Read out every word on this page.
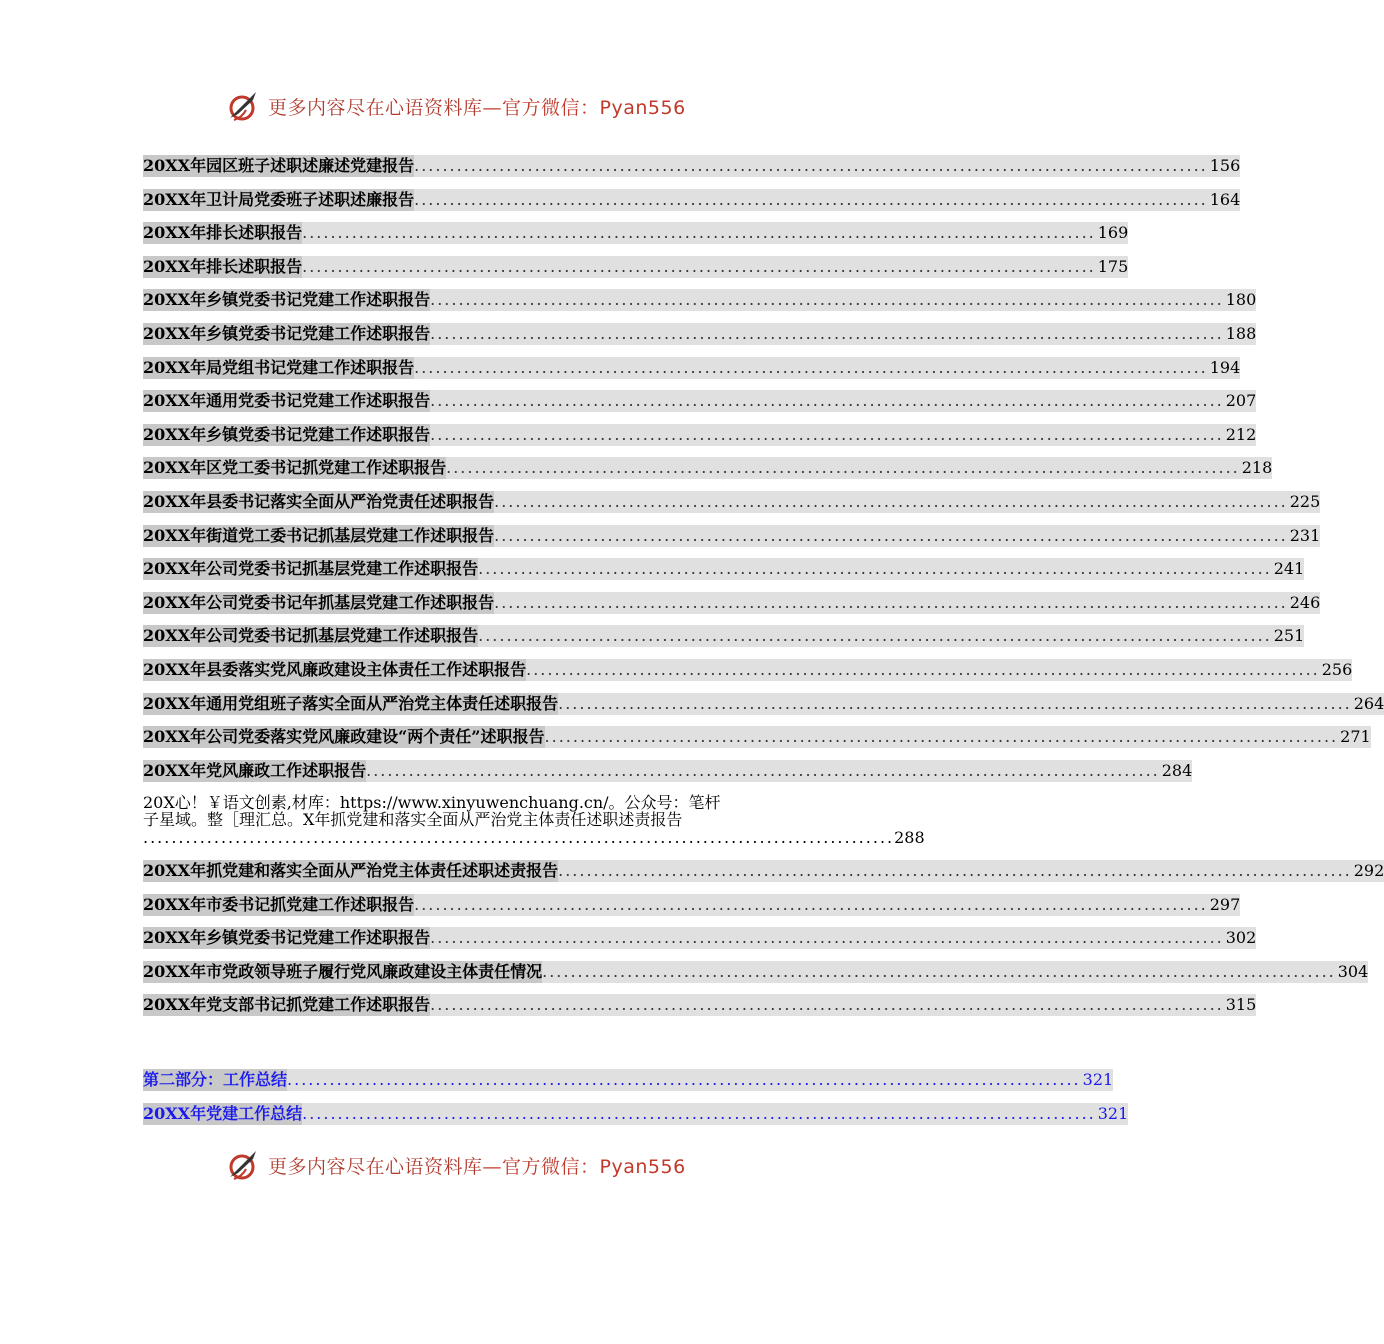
更多内容尽在心语资料库—官方微信：Pyan556
20XX年园区班子述职述廉述党建报告 ................................................................................................................ 156
20XX年卫计局党委班子述职述廉报告 ................................................................................................................ 164
20XX年排长述职报告 ................................................................................................................ 169
20XX年排长述职报告 ................................................................................................................ 175
20XX年乡镇党委书记党建工作述职报告 ................................................................................................................ 180
20XX年乡镇党委书记党建工作述职报告 ................................................................................................................ 188
20XX年局党组书记党建工作述职报告 ................................................................................................................ 194
20XX年通用党委书记党建工作述职报告 ................................................................................................................ 207
20XX年乡镇党委书记党建工作述职报告 ................................................................................................................ 212
20XX年区党工委书记抓党建工作述职报告 ................................................................................................................ 218
20XX年县委书记落实全面从严治党责任述职报告 ................................................................................................................ 225
20XX年街道党工委书记抓基层党建工作述职报告 ................................................................................................................ 231
20XX年公司党委书记抓基层党建工作述职报告 ................................................................................................................ 241
20XX年公司党委书记年抓基层党建工作述职报告 ................................................................................................................ 246
20XX年公司党委书记抓基层党建工作述职报告 ................................................................................................................ 251
20XX年县委落实党风廉政建设主体责任工作述职报告 ................................................................................................................ 256
20XX年通用党组班子落实全面从严治党主体责任述职报告 ................................................................................................................ 264
20XX年公司党委落实党风廉政建设“两个责任”述职报告 ................................................................................................................ 271
20XX年党风廉政工作述职报告 ................................................................................................................ 284
20X心！￥语文创素,材库：https://www.xinyuwenchuang.cn/。公众号：笔杆
子星域。整［理汇总。X年抓党建和落实全面从严治党主体责任述职述责报告
.......................................................................................................... 288
20XX年抓党建和落实全面从严治党主体责任述职述责报告 ................................................................................................................ 292
20XX年市委书记抓党建工作述职报告 ................................................................................................................ 297
20XX年乡镇党委书记党建工作述职报告 ................................................................................................................ 302
20XX年市党政领导班子履行党风廉政建设主体责任情况 ................................................................................................................ 304
20XX年党支部书记抓党建工作述职报告 ................................................................................................................ 315
第二部分：工作总结 ................................................................................................................ 321
20XX年党建工作总结 ................................................................................................................ 321
更多内容尽在心语资料库—官方微信：Pyan556
